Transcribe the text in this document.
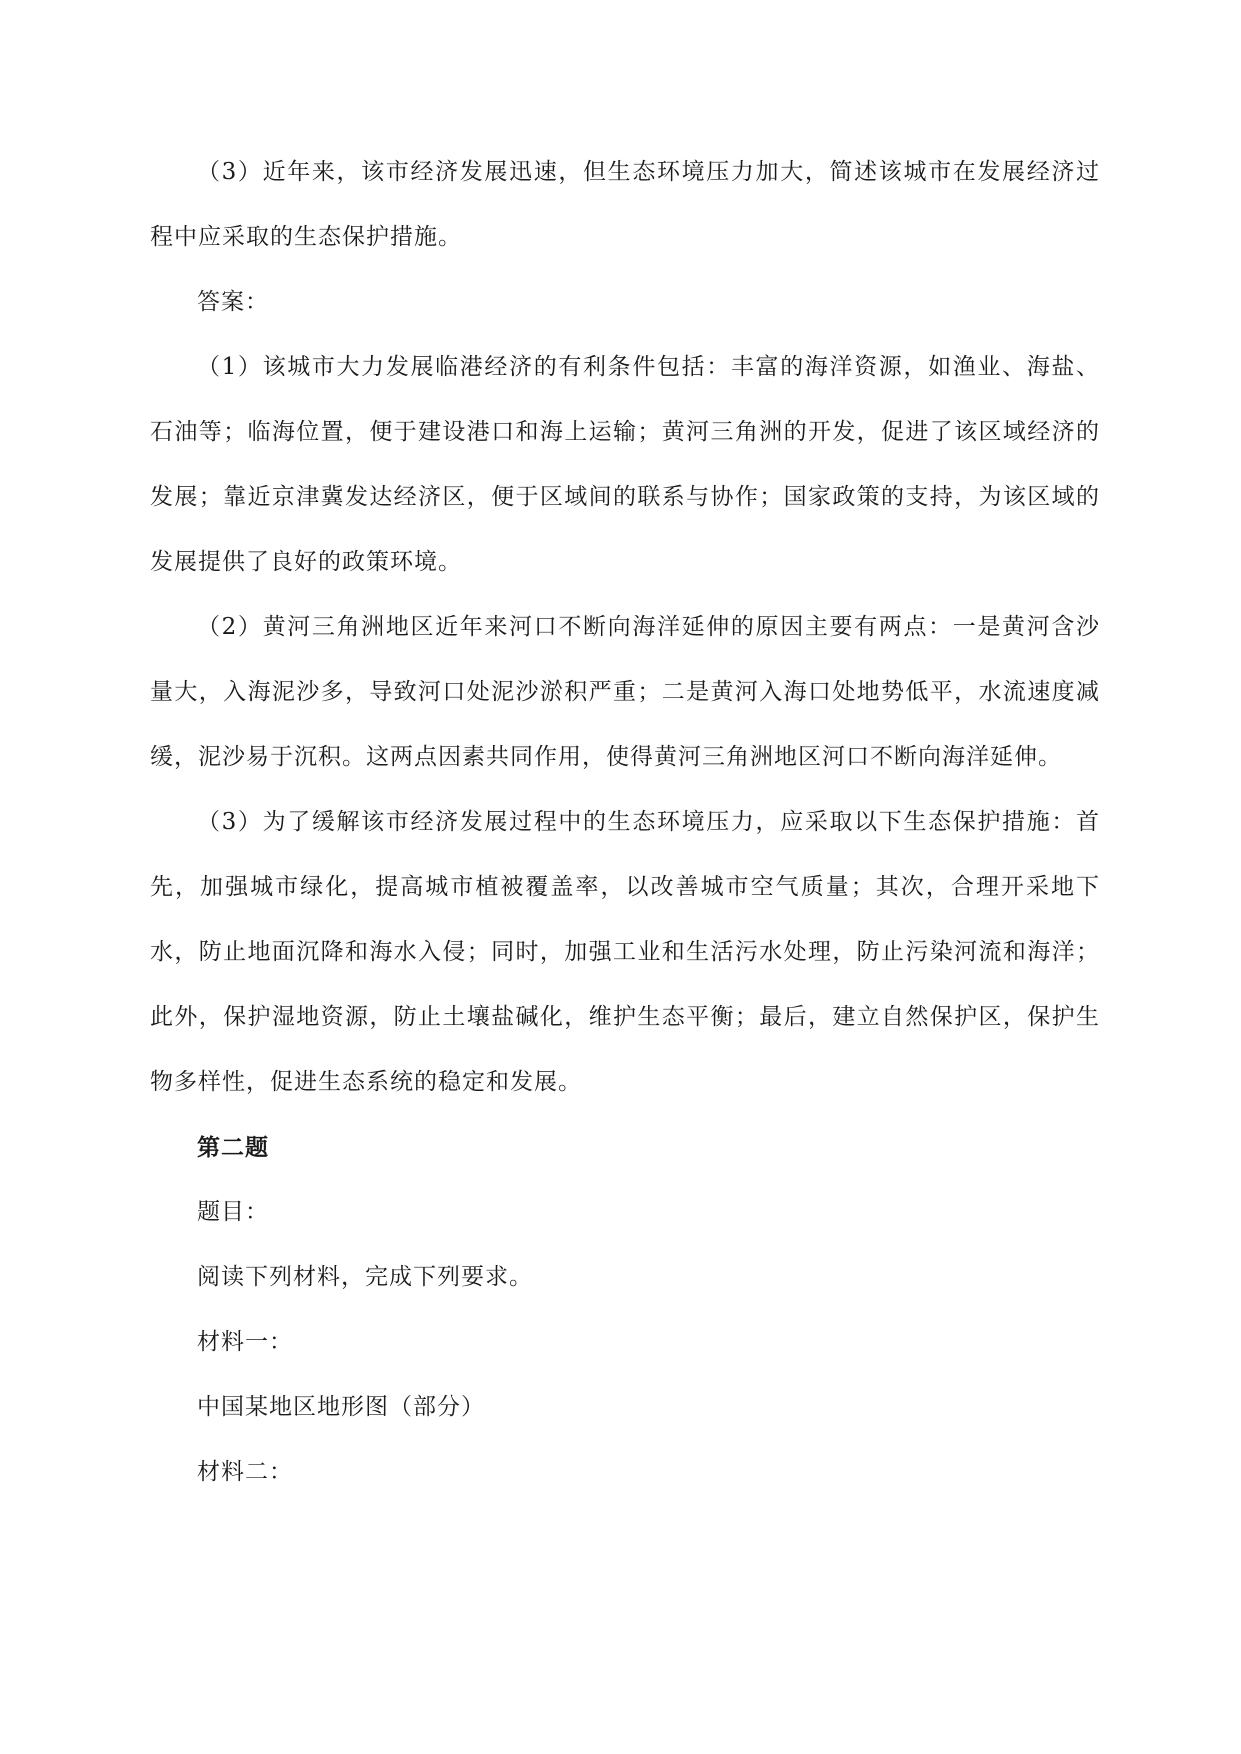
（3）近年来，该市经济发展迅速，但生态环境压力加大，简述该城市在发展经济过程中应采取的生态保护措施。

答案：

（1）该城市大力发展临港经济的有利条件包括：丰富的海洋资源，如渔业、海盐、石油等；临海位置，便于建设港口和海上运输；黄河三角洲的开发，促进了该区域经济的发展；靠近京津冀发达经济区，便于区域间的联系与协作；国家政策的支持，为该区域的发展提供了良好的政策环境。

（2）黄河三角洲地区近年来河口不断向海洋延伸的原因主要有两点：一是黄河含沙量大，入海泥沙多，导致河口处泥沙淤积严重；二是黄河入海口处地势低平，水流速度减缓，泥沙易于沉积。这两点因素共同作用，使得黄河三角洲地区河口不断向海洋延伸。

（3）为了缓解该市经济发展过程中的生态环境压力，应采取以下生态保护措施：首先，加强城市绿化，提高城市植被覆盖率，以改善城市空气质量；其次，合理开采地下水，防止地面沉降和海水入侵；同时，加强工业和生活污水处理，防止污染河流和海洋；此外，保护湿地资源，防止土壤盐碱化，维护生态平衡；最后，建立自然保护区，保护生物多样性，促进生态系统的稳定和发展。

第二题

题目：

阅读下列材料，完成下列要求。

材料一：

中国某地区地形图（部分）

材料二：
